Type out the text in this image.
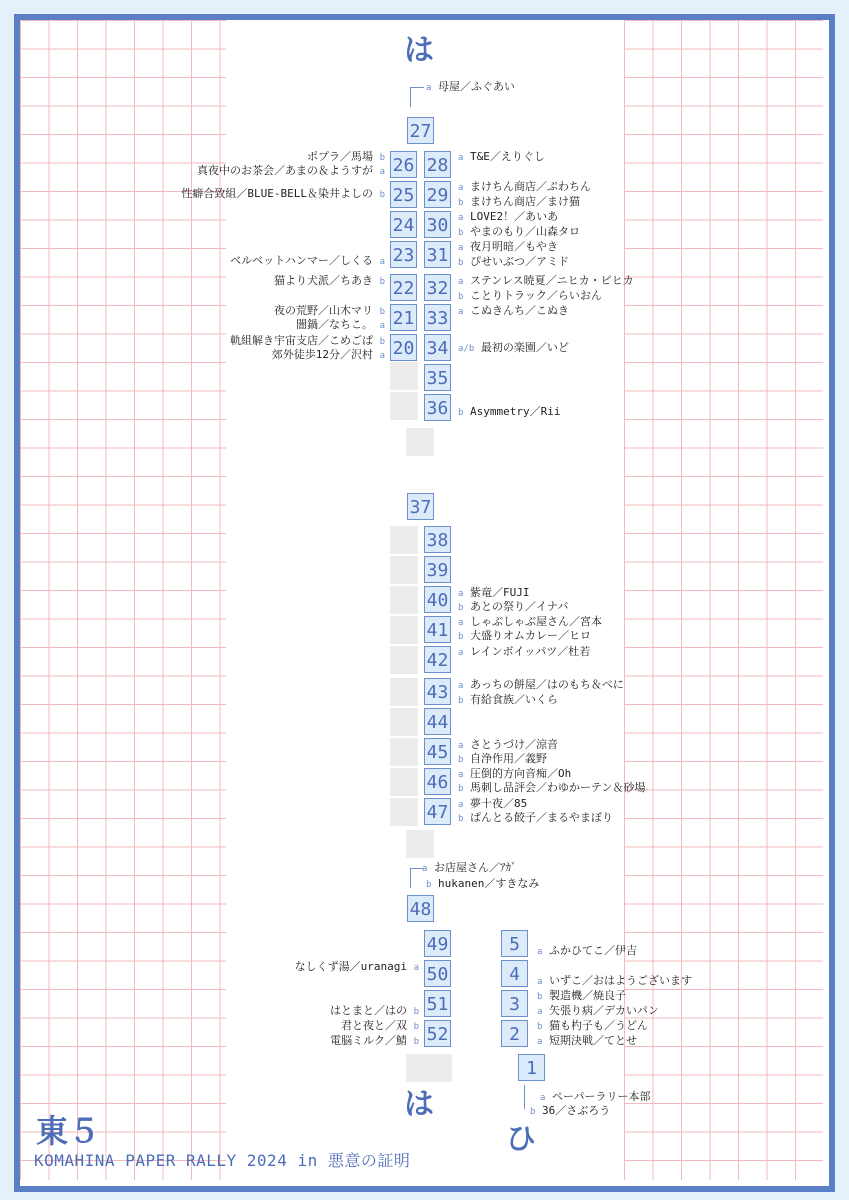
は
は
ひ
東５
KOMAHINA PAPER RALLY 2024 in 悪意の証明
27
26 28
25 29
24 30
23 31
22 32
21 33
20 34
35
36
37
38
39
40
41
42
43
44
45
46
47
48
49
50
51
52
5
4
3
2
1
ポプラ／馬場 b
真夜中のお茶会／あまの＆ようすが a
性癖合致組／BLUE-BELL＆染井よしの b
ベルベットハンマー／しくる a
猫より犬派／ちあき b
夜の荒野／山木マリ b
闇鍋／なちこ。 a
軌組解き宇宙支店／こめごぱ b
郊外徒歩12分／沢村 a
なしくず湯／uranagi a
はとまと／はの b
君と夜と／双 b
電脳ミルク／鯖 b
a 母屋／ふぐあい
a T&E／えりぐし
a まけちん商店／ぷわちん
b まけちん商店／まけ猫
a LOVE2！／あいあ
b やまのもり／山森タロ
a 夜月明暗／もやき
b ぴせいぶつ／アミド
a ステンレス暁夏／ニヒカ・ピヒカ
b ことりトラック／らいおん
a こぬきんち／こぬき
a/b 最初の楽園／いど
b Asymmetry／Rii
a 紫竜／FUJI
b あとの祭り／イナバ
a しゃぶしゃぶ屋さん／宮本
b 大盛りオムカレー／ヒロ
a レインボイッパツ／杜若
a あっちの餅屋／はのもち＆べに
b 有給食族／いくら
a さとうづけ／涼音
b 自浄作用／義野
a 圧倒的方向音痴／Oh
b 馬刺し品評会／わゆかーテン＆砂場
a 夢十夜／85
b ぱんとる餃子／まるやまぼり
a お店屋さん／ｱｶﾞ
b hukanen／すきなみ
a ふかひてこ／伊吉
a いずこ／おはようございます
b 製造機／焼良子
a 矢張り病／デカいパン
b 猫も杓子も／うどん
a 短期決戦／てとせ
a ペーパーラリー本部
b 36／さぶろう
